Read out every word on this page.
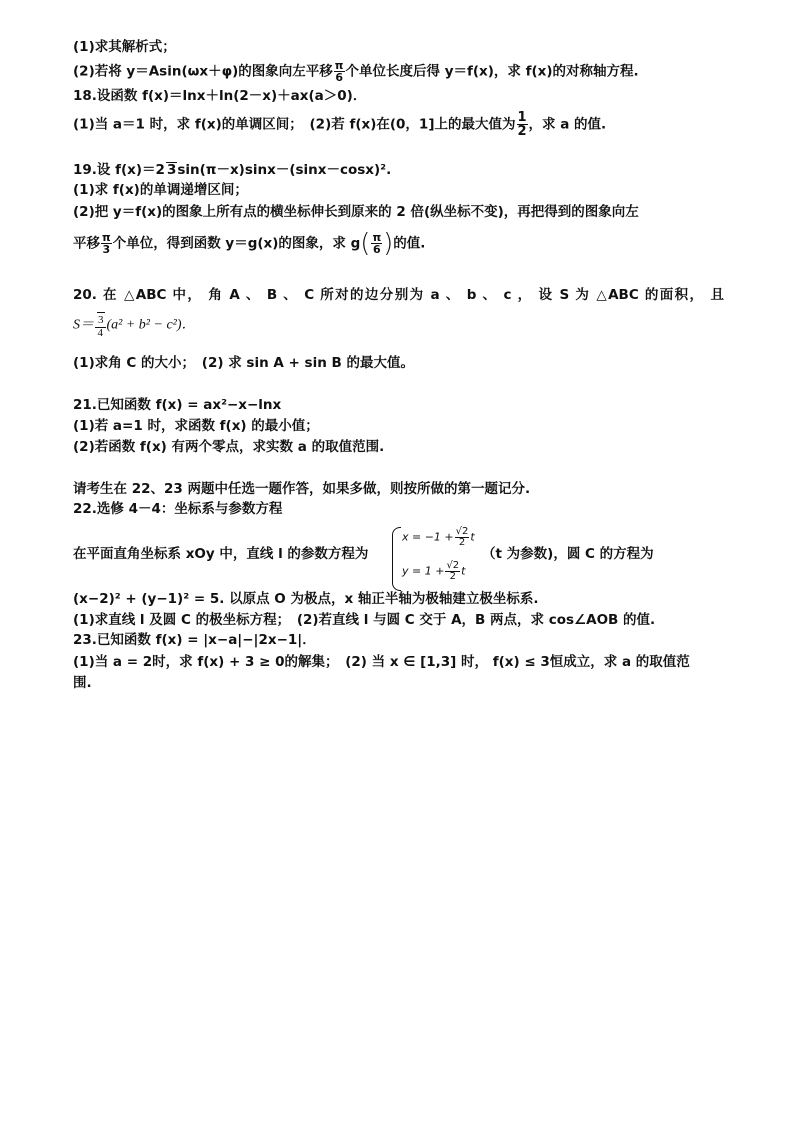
(1)求其解析式；
(2)若将 y＝Asin(ωx＋φ)的图象向左平移 $\frac{\pi}{6}$ 个单位长度后得 y＝f(x)，求 f(x)的对称轴方程.
18.设函数 f(x)＝lnx＋ln(2－x)＋ax(a＞0)．
(1)当 a＝1 时，求 f(x)的单调区间；　(2)若 f(x)在(0，1]上的最大值为 $\frac{1}{2}$ ，求 a 的值.
19.设 f(x)＝2 3sin(π－x)sinx－(sinx－cosx)².
(1)求 f(x)的单调递增区间；
(2)把 y＝f(x)的图象上所有点的横坐标伸长到原来的 2 倍(纵坐标不变)，再把得到的图象向左
平移 $\frac{\pi}{3}$ 个单位，得到函数 y＝g(x)的图象，求 $g( \frac{\pi}{6}$ )的值.
20. 在 △ABC 中， 角 A 、 B 、 C 所对的边分别为 a 、 b 、 c ， 设 S 为 △ABC 的面积， 且
$S= \frac{3}{4} (a^2 + b^2 - c^2)$．
(1)求角 C 的大小；　(2) 求 sin A + sin B 的最大值。
21.已知函数 f(x) = ax²−x−lnx
(1)若 a=1 时，求函数 f(x) 的最小值；
(2)若函数 f(x) 有两个零点，求实数 a 的取值范围.
请考生在 22、23 两题中任选一题作答，如果多做，则按所做的第一题记分.
22.选修 4－4：坐标系与参数方程
在平面直角坐标系 xOy 中，直线 l 的参数方程为
$x = -1 + \frac{√2}{2}$ t
$y = 1 + \frac{√2}{2}$ t
（t 为参数)，圆 C 的方程为
(x−2)² + (y−1)² = 5. 以原点 O 为极点，x 轴正半轴为极轴建立极坐标系.
(1)求直线 l 及圆 C 的极坐标方程；　(2)若直线 l 与圆 C 交于 A，B 两点，求 cos∠AOB 的值.
23.已知函数 f(x) = |x−a|−|2x−1|．
(1)当 a = 2时，求 f(x) + 3 ≥ 0的解集；　(2) 当 x ∈ [1,3] 时， f(x) ≤ 3恒成立，求 a 的取值范
围.
